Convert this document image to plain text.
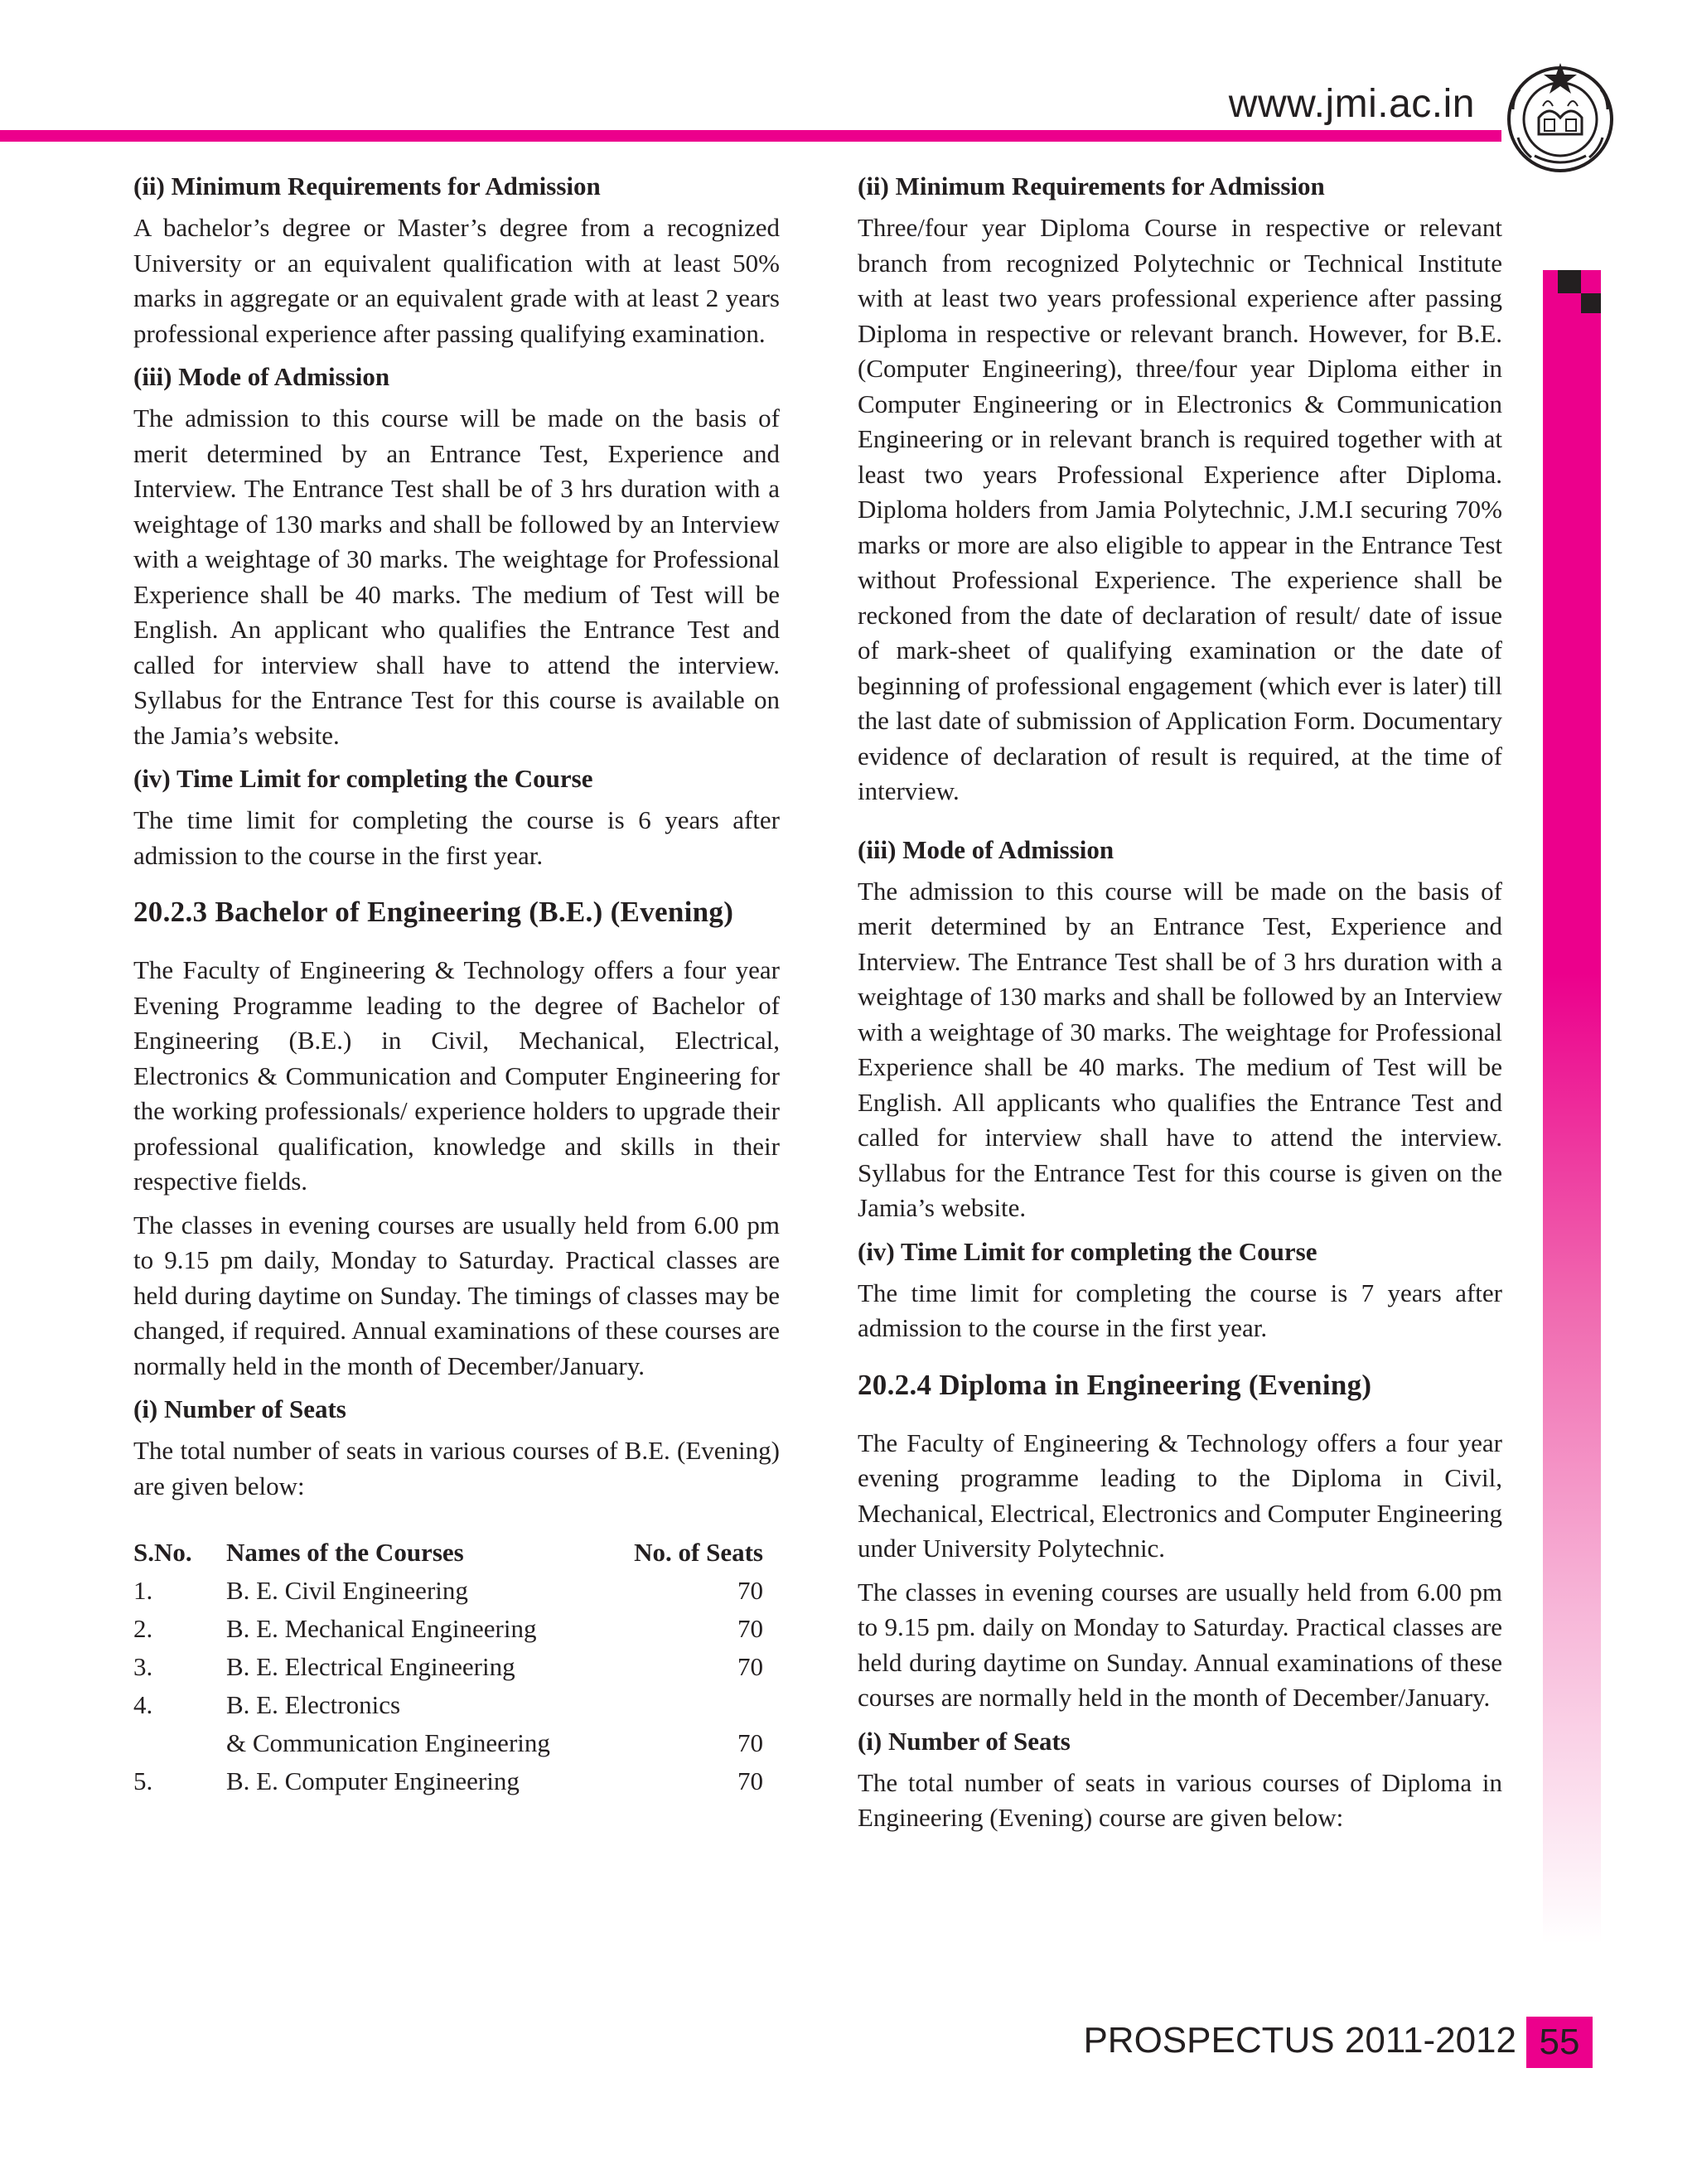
www.jmi.ac.in
(ii) Minimum Requirements for Admission

A bachelor’s degree or Master’s degree from a recognized University or an equivalent qualification with at least 50% marks in aggregate or an equivalent grade with at least 2 years professional experience after passing qualifying examination.

(iii) Mode of Admission

The admission to this course will be made on the basis of merit determined by an Entrance Test, Experience and Interview. The Entrance Test shall be of 3 hrs duration with a weightage of 130 marks and shall be followed by an Interview with a weightage of 30 marks. The weightage for Professional Experience shall be 40 marks. The medium of Test will be English. An applicant who qualifies the Entrance Test and called for interview shall have to attend the interview. Syllabus for the Entrance Test for this course is available on the Jamia’s website.

(iv) Time Limit for completing the Course

The time limit for completing the course is 6 years after admission to the course in the first year.

20.2.3 Bachelor of Engineering (B.E.) (Evening)

The Faculty of Engineering & Technology offers a four year Evening Programme leading to the degree of Bachelor of Engineering (B.E.) in Civil, Mechanical, Electrical, Electronics & Communication and Computer Engineering for the working professionals/ experience holders to upgrade their professional qualification, knowledge and skills in their respective fields.

The classes in evening courses are usually held from 6.00 pm to 9.15 pm daily, Monday to Saturday. Practical classes are held during daytime on Sunday. The timings of classes may be changed, if required. Annual examinations of these courses are normally held in the month of December/January.

(i) Number of Seats

The total number of seats in various courses of B.E. (Evening) are given below:

S.No.	Names of the Courses	No. of Seats
1.	B. E. Civil Engineering	70
2.	B. E. Mechanical Engineering	70
3.	B. E. Electrical Engineering	70
4.	B. E. Electronics	
	& Communication Engineering	70
5.	B. E. Computer Engineering	70
(ii) Minimum Requirements for Admission

Three/four year Diploma Course in respective or relevant branch from recognized Polytechnic or Technical Institute with at least two years professional experience after passing Diploma in respective or relevant branch. However, for B.E. (Computer Engineering), three/four year Diploma either in Computer Engineering or in Electronics & Communication Engineering or in relevant branch is required together with at least two years Professional Experience after Diploma. Diploma holders from Jamia Polytechnic, J.M.I securing 70% marks or more are also eligible to appear in the Entrance Test without Professional Experience. The experience shall be reckoned from the date of declaration of result/ date of issue of mark-sheet of qualifying examination or the date of beginning of professional engagement (which ever is later) till the last date of submission of Application Form. Documentary evidence of declaration of result is required, at the time of interview.

(iii) Mode of Admission

The admission to this course will be made on the basis of merit determined by an Entrance Test, Experience and Interview. The Entrance Test shall be of 3 hrs duration with a weightage of 130 marks and shall be followed by an Interview with a weightage of 30 marks. The weightage for Professional Experience shall be 40 marks. The medium of Test will be English. All applicants who qualifies the Entrance Test and called for interview shall have to attend the interview. Syllabus for the Entrance Test for this course is given on the Jamia’s website.

(iv) Time Limit for completing the Course

The time limit for completing the course is 7 years after admission to the course in the first year.

20.2.4 Diploma in Engineering (Evening)

The Faculty of Engineering & Technology offers a four year evening programme leading to the Diploma in Civil, Mechanical, Electrical, Electronics and Computer Engineering under University Polytechnic.

The classes in evening courses are usually held from 6.00 pm to 9.15 pm. daily on Monday to Saturday. Practical classes are held during daytime on Sunday. Annual examinations of these courses are normally held in the month of December/January.

(i) Number of Seats

The total number of seats in various courses of Diploma in Engineering (Evening) course are given below:

PROSPECTUS 2011-2012 55
